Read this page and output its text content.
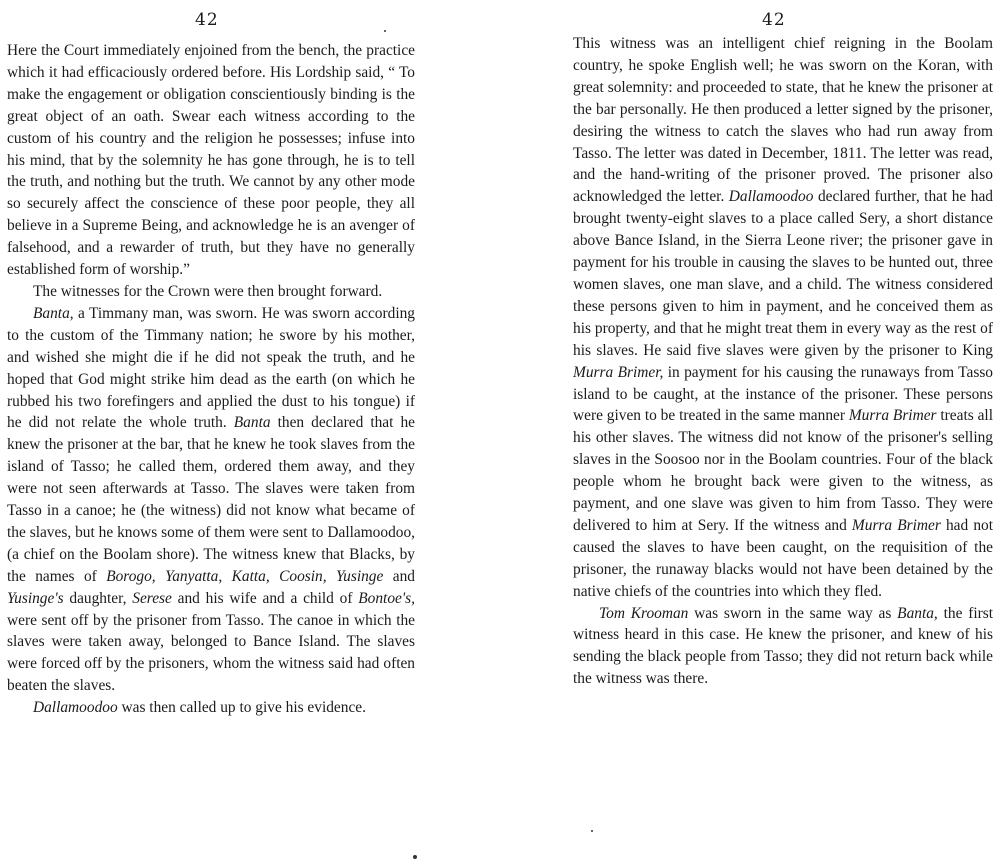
42

Here the Court immediately enjoined from the bench, the practice which it had efficaciously ordered before. His Lordship said, “ To make the engagement or obligation conscientiously binding is the great object of an oath. Swear each witness according to the custom of his country and the religion he possesses; infuse into his mind, that by the solemnity he has gone through, he is to tell the truth, and nothing but the truth. We cannot by any other mode so securely affect the conscience of these poor people, they all believe in a Supreme Being, and acknowledge he is an avenger of falsehood, and a rewarder of truth, but they have no generally established form of worship.”

The witnesses for the Crown were then brought forward.

Banta, a Timmany man, was sworn. He was sworn according to the custom of the Timmany nation; he swore by his mother, and wished she might die if he did not speak the truth, and he hoped that God might strike him dead as the earth (on which he rubbed his two forefingers and applied the dust to his tongue) if he did not relate the whole truth. Banta then declared that he knew the prisoner at the bar, that he knew he took slaves from the island of Tasso; he called them, ordered them away, and they were not seen afterwards at Tasso. The slaves were taken from Tasso in a canoe; he (the witness) did not know what became of the slaves, but he knows some of them were sent to Dallamoodoo, (a chief on the Boolam shore). The witness knew that Blacks, by the names of Borogo, Yanyatta, Katta, Coosin, Yusinge and Yusinge's daughter, Serese and his wife and a child of Bontoe's, were sent off by the prisoner from Tasso. The canoe in which the slaves were taken away, belonged to Bance Island. The slaves were forced off by the prisoners, whom the witness said had often beaten the slaves.

Dallamoodoo was then called up to give his evidence.

42

This witness was an intelligent chief reigning in the Boolam country, he spoke English well; he was sworn on the Koran, with great solemnity: and proceeded to state, that he knew the prisoner at the bar personally. He then produced a letter signed by the prisoner, desiring the witness to catch the slaves who had run away from Tasso. The letter was dated in December, 1811. The letter was read, and the hand-writing of the prisoner proved. The prisoner also acknowledged the letter. Dallamoodoo declared further, that he had brought twenty-eight slaves to a place called Sery, a short distance above Bance Island, in the Sierra Leone river; the prisoner gave in payment for his trouble in causing the slaves to be hunted out, three women slaves, one man slave, and a child. The witness considered these persons given to him in payment, and he conceived them as his property, and that he might treat them in every way as the rest of his slaves. He said five slaves were given by the prisoner to King Murra Brimer, in payment for his causing the runaways from Tasso island to be caught, at the instance of the prisoner. These persons were given to be treated in the same manner Murra Brimer treats all his other slaves. The witness did not know of the prisoner's selling slaves in the Soosoo nor in the Boolam countries. Four of the black people whom he brought back were given to the witness, as payment, and one slave was given to him from Tasso. They were delivered to him at Sery. If the witness and Murra Brimer had not caused the slaves to have been caught, on the requisition of the prisoner, the runaway blacks would not have been detained by the native chiefs of the countries into which they fled.

Tom Krooman was sworn in the same way as Banta, the first witness heard in this case. He knew the prisoner, and knew of his sending the black people from Tasso; they did not return back while the witness was there.
